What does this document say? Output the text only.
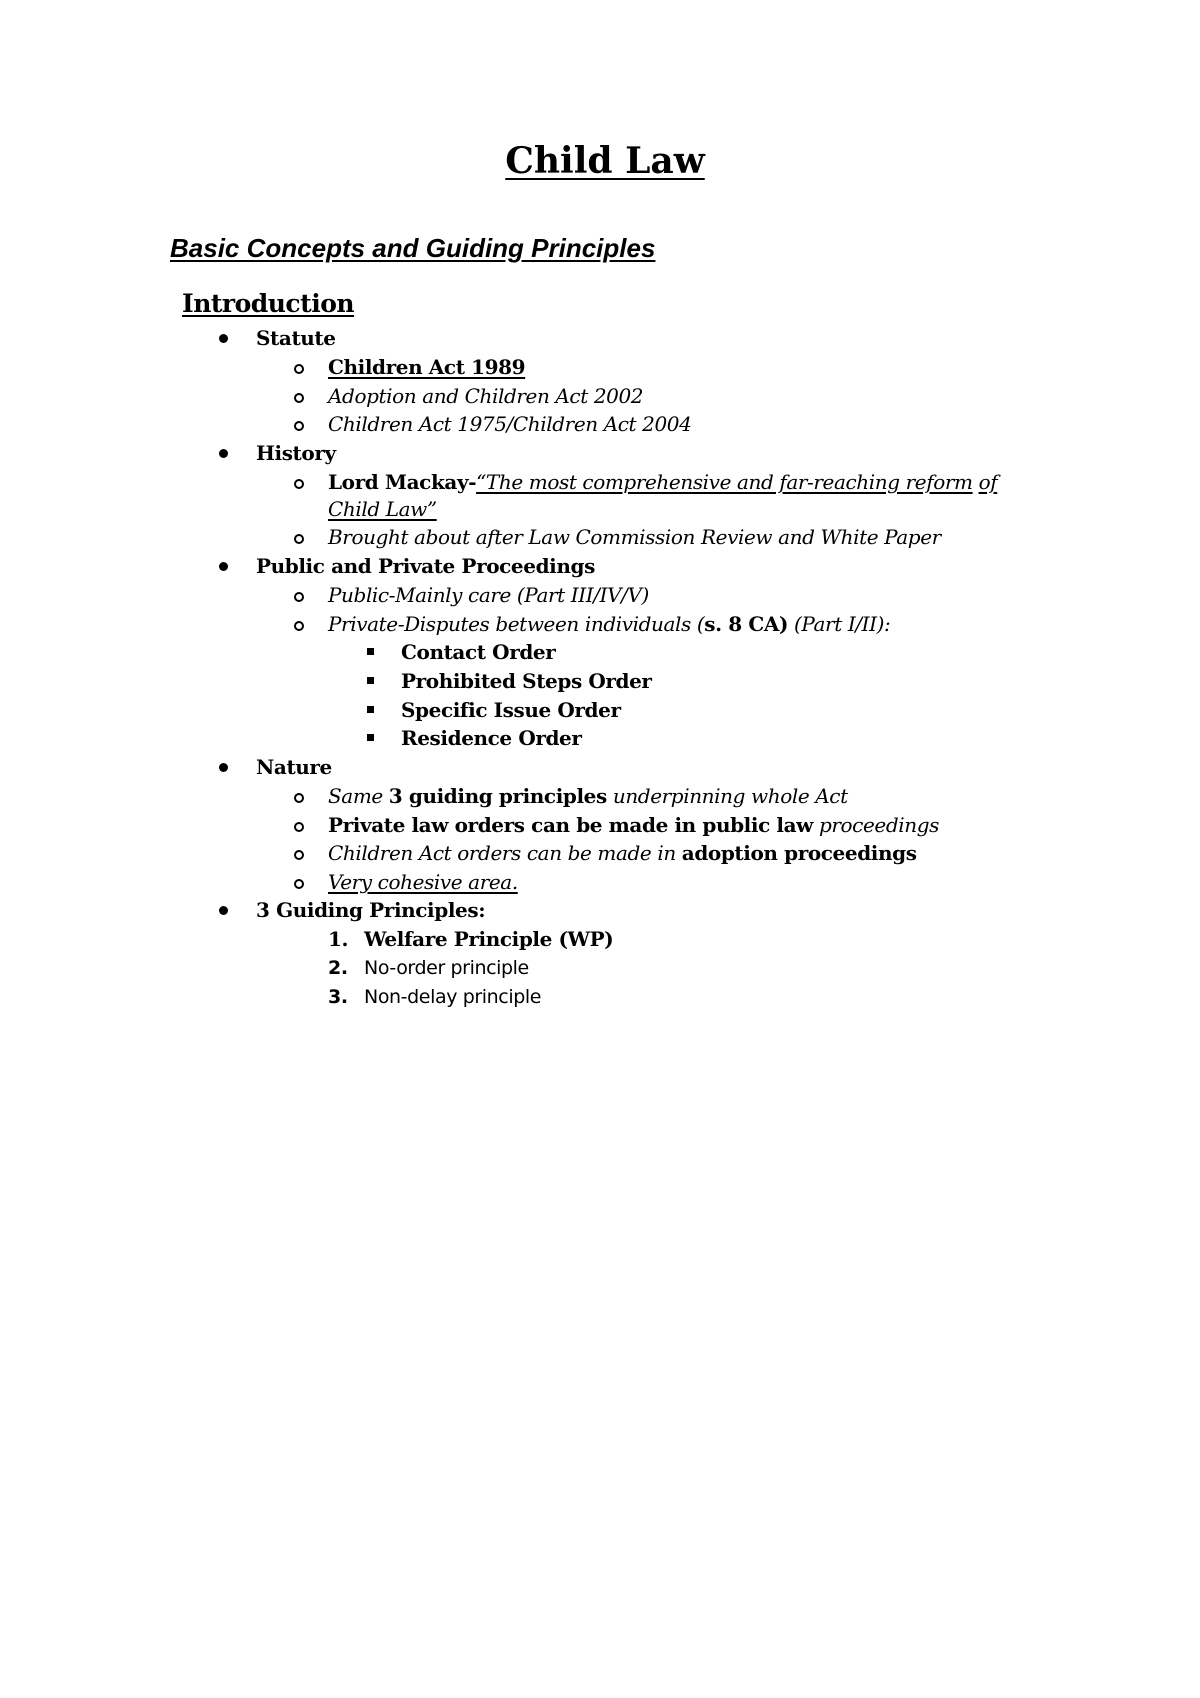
Child Law
Basic Concepts and Guiding Principles
Introduction
Statute
Children Act 1989
Adoption and Children Act 2002
Children Act 1975/Children Act 2004
History
Lord Mackay-“The most comprehensive and far-reaching reform of
Child Law”
Brought about after Law Commission Review and White Paper
Public and Private Proceedings
Public-Mainly care (Part III/IV/V)
Private-Disputes between individuals (s. 8 CA) (Part I/II):
Contact Order
Prohibited Steps Order
Specific Issue Order
Residence Order
Nature
Same 3 guiding principles underpinning whole Act
Private law orders can be made in public law proceedings
Children Act orders can be made in adoption proceedings
Very cohesive area.
3 Guiding Principles:
1. Welfare Principle (WP)
2. No-order principle
3. Non-delay principle
